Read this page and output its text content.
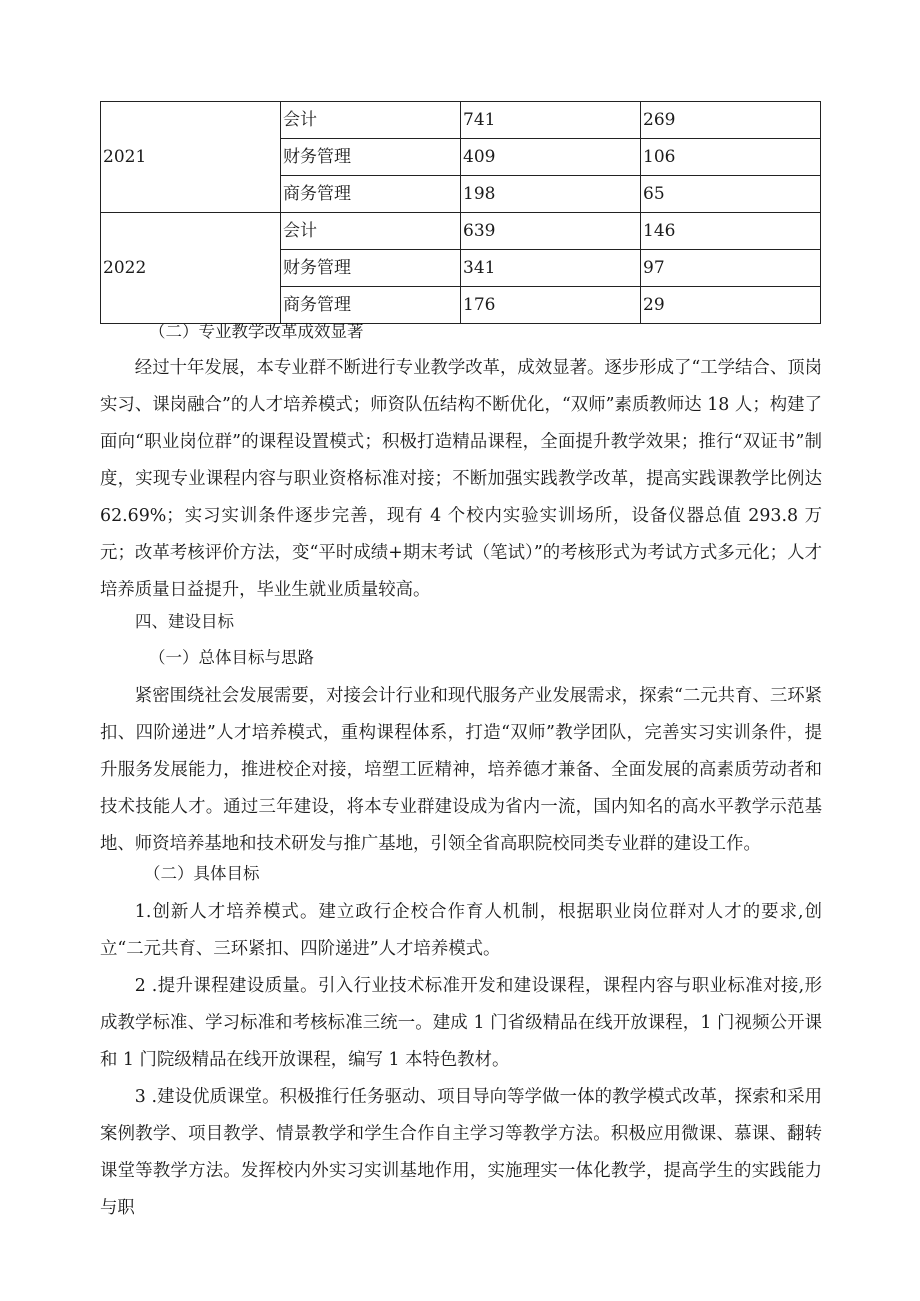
2021	会计	741	269
	财务管理	409	106
	商务管理	198	65
2022	会计	639	146
	财务管理	341	97
	商务管理	176	29
（二）专业教学改革成效显著

经过十年发展，本专业群不断进行专业教学改革，成效显著。逐步形成了“工学结合、顶岗实习、课岗融合”的人才培养模式；师资队伍结构不断优化，“双师”素质教师达 18 人；构建了面向“职业岗位群”的课程设置模式；积极打造精品课程，全面提升教学效果；推行“双证书”制度，实现专业课程内容与职业资格标准对接；不断加强实践教学改革，提高实践课教学比例达 62.69%；实习实训条件逐步完善，现有 4 个校内实验实训场所，设备仪器总值 293.8 万元；改革考核评价方法，变“平时成绩+期末考试（笔试）”的考核形式为考试方式多元化；人才培养质量日益提升，毕业生就业质量较高。

四、建设目标
（一）总体目标与思路

紧密围绕社会发展需要，对接会计行业和现代服务产业发展需求，探索“二元共育、三环紧扣、四阶递进”人才培养模式，重构课程体系，打造“双师”教学团队，完善实习实训条件，提升服务发展能力，推进校企对接，培塑工匠精神，培养德才兼备、全面发展的高素质劳动者和技术技能人才。通过三年建设，将本专业群建设成为省内一流，国内知名的高水平教学示范基地、师资培养基地和技术研发与推广基地，引领全省高职院校同类专业群的建设工作。

（二）具体目标

1.创新人才培养模式。建立政行企校合作育人机制，根据职业岗位群对人才的要求,创立“二元共育、三环紧扣、四阶递进”人才培养模式。

2 .提升课程建设质量。引入行业技术标准开发和建设课程，课程内容与职业标准对接,形成教学标准、学习标准和考核标准三统一。建成 1 门省级精品在线开放课程，1 门视频公开课和 1 门院级精品在线开放课程，编写 1 本特色教材。

3 .建设优质课堂。积极推行任务驱动、项目导向等学做一体的教学模式改革，探索和采用案例教学、项目教学、情景教学和学生合作自主学习等教学方法。积极应用微课、慕课、翻转课堂等教学方法。发挥校内外实习实训基地作用，实施理实一体化教学，提高学生的实践能力与职
